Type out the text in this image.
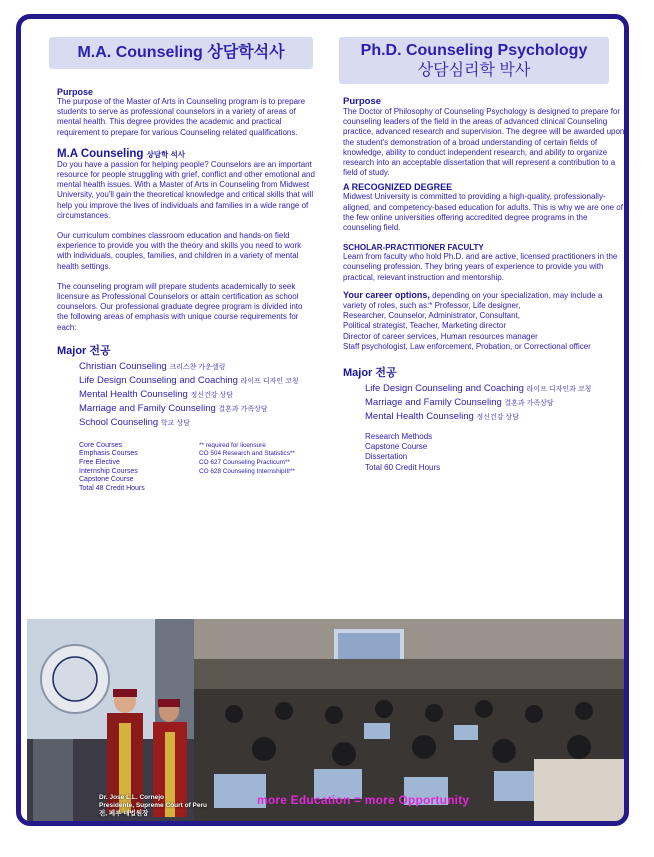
M.A. Counseling 상담학석사
Purpose

The purpose of the Master of Arts in Counseling program is to prepare students to serve as professional counselors in a variety of areas of mental health. This degree provides the academic and practical requirement to prepare for various Counseling related qualifications.

M.A Counseling 상담학 석사

Do you have a passion for helping people? Counselors are an important resource for people struggling with grief, conflict and other emotional and mental health issues. With a Master of Arts in Counseling from Midwest University, you'll gain the theoretical knowledge and critical skills that will help you improve the lives of individuals and families in a wide range of circumstances.

Our curriculum combines classroom education and hands-on field experience to provide you with the theory and skills you need to work with individuals, couples, families, and children in a variety of mental health settings.

The counseling program will prepare students academically to seek licensure as Professional Counselors or attain certification as school counselors. Our professional graduate degree program is divided into the following areas of emphasis with unique course requirements for each:

Major 전공
Christian Counseling 크리스챤 카운셀링
Life Design Counseling and Coaching 라이프 디자인 코칭
Mental Health Counseling 정신건강 상담
Marriage and Family Counseling 결혼과 가족상담
School Counseling 학교 상담
Core Courses
Emphasis Courses
Free Elective
Internship Courses
Capstone Course
Total 48 Credit Hours
** required for licensure
CO 504 Research and Statistics**
CO 627 Counseling Practicum**
CO 628 Counseling InternshipIII**
Ph.D. Counseling Psychology
상담심리학 박사
Purpose

The Doctor of Philosophy of Counseling Psychology is designed to prepare for counseling leaders of the field in the areas of advanced clinical Counseling practice, advanced research and supervision. The degree will be awarded upon the student's demonstration of a broad understanding of certain fields of knowledge, ability to conduct independent research, and ability to organize research into an acceptable dissertation that will represent a contribution to a field of study.

A RECOGNIZED DEGREE

Midwest University is committed to providing a high-quality, professionally-aligned, and competency-based education for adults. This is why we are one of the few online universities offering accredited degree programs in the counseling field.

SCHOLAR-PRACTITIONER FACULTY

Learn from faculty who hold Ph.D. and are active, licensed practitioners in the counseling profession. They bring years of experience to provide you with practical, relevant instruction and mentorship.

Your career options, depending on your specialization, may include a variety of roles, such as:* Professor, Life designer,

Researcher, Counselor, Administrator, Consultant,
Political strategist, Teacher, Marketing director
Director of career services, Human resources manager
Staff psychologist, Law enforcement, Probation, or Correctional officer
Major 전공
Life Design Counseling and Coaching 라이프 디자인과 코칭
Marriage and Family Counseling 결혼과 가족상담
Mental Health Counseling 정신건강 상담
Research Methods
Capstone Course
Dissertation
Total 60 Credit Hours
Dr. Jose L.L. Cornejo
Presidente, Supreme Court of Peru
전, 페루 대법원장
more Education = more Opportunity
